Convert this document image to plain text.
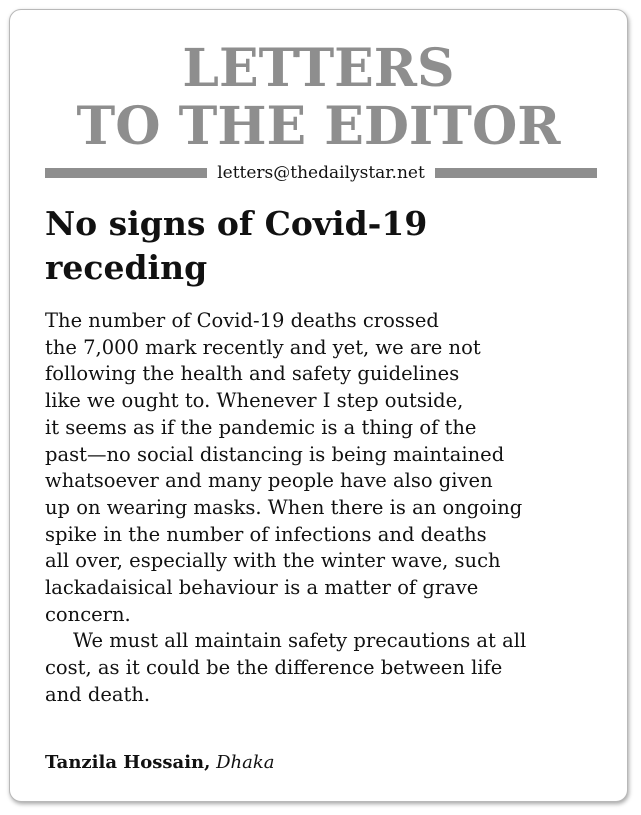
LETTERS
TO THE EDITOR
letters@thedailystar.net
No signs of Covid-19
receding

The number of Covid-19 deaths crossed
the 7,000 mark recently and yet, we are not
following the health and safety guidelines
like we ought to. Whenever I step outside,
it seems as if the pandemic is a thing of the
past—no social distancing is being maintained
whatsoever and many people have also given
up on wearing masks. When there is an ongoing
spike in the number of infections and deaths
all over, especially with the winter wave, such
lackadaisical behaviour is a matter of grave
concern.

We must all maintain safety precautions at all
cost, as it could be the difference between life
and death.

Tanzila Hossain, Dhaka
